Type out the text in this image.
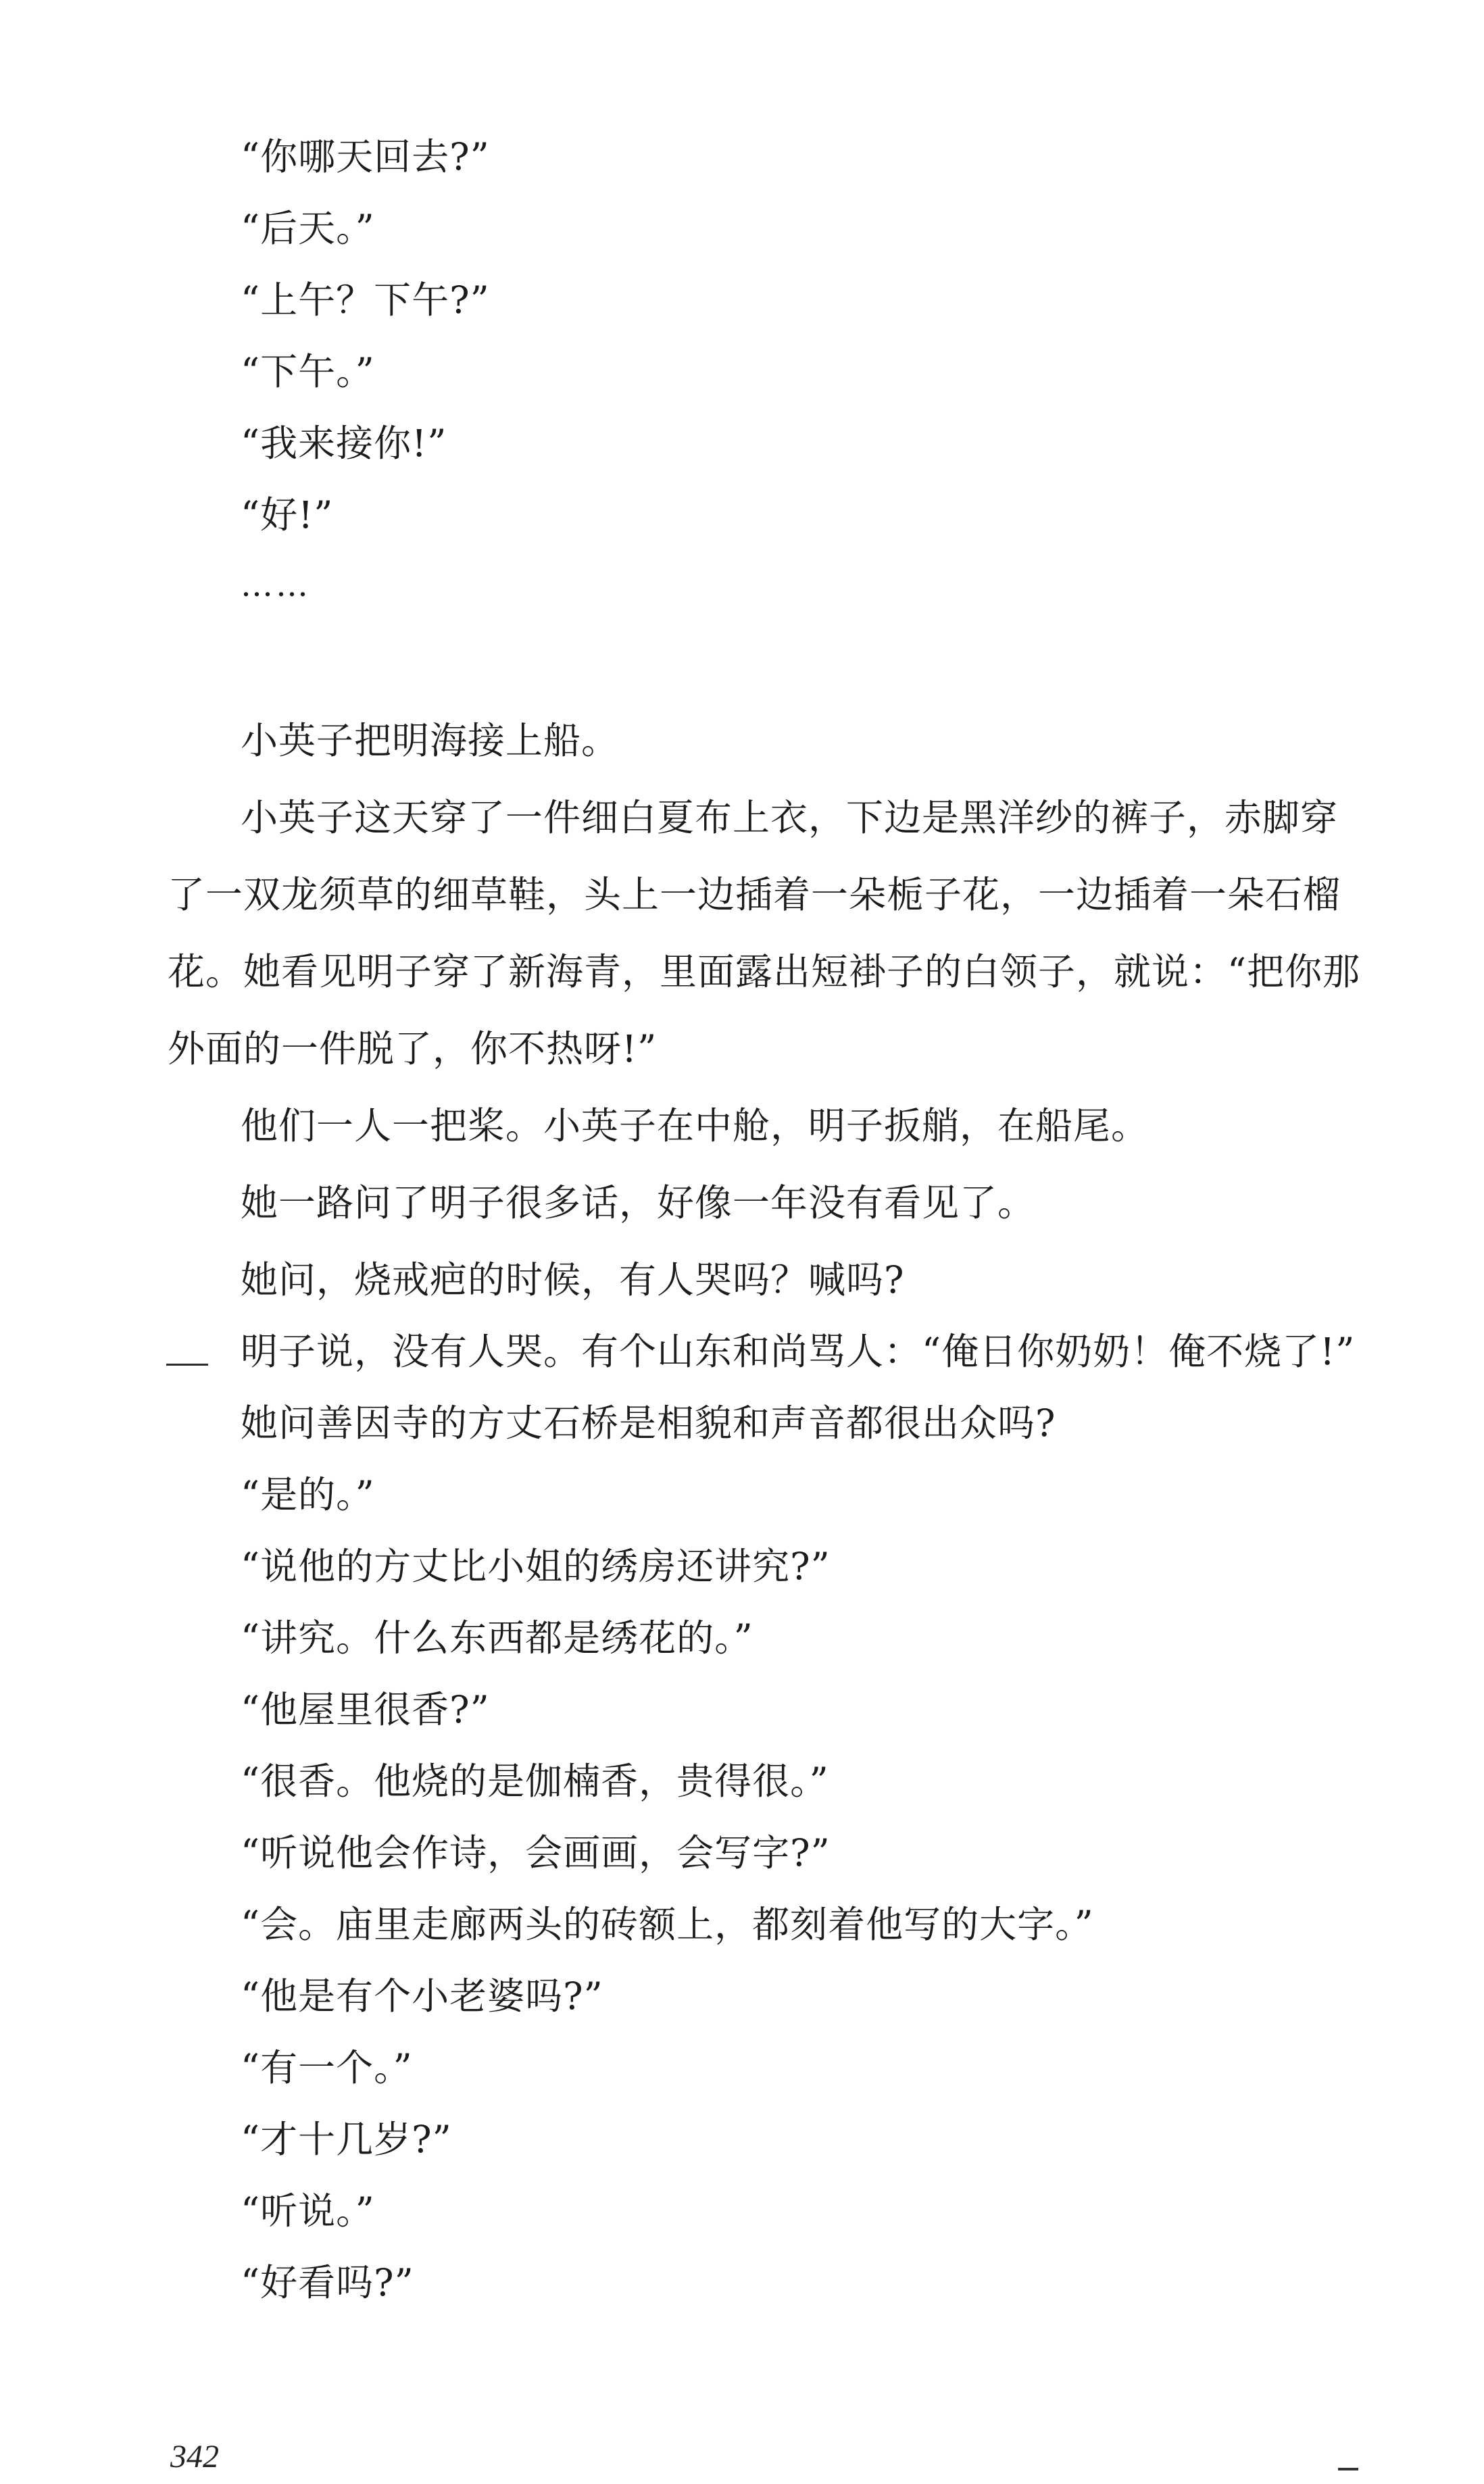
“你哪天回去?”
“后天。”
“上午？下午?”
“下午。”
“我来接你!”
“好!”
……
小英子把明海接上船。
小英子这天穿了一件细白夏布上衣，下边是黑洋纱的裤子，赤脚穿
了一双龙须草的细草鞋，头上一边插着一朵栀子花，一边插着一朵石榴
花。她看见明子穿了新海青，里面露出短褂子的白领子，就说：“把你那
外面的一件脱了，你不热呀!”
他们一人一把桨。小英子在中舱，明子扳艄，在船尾。
她一路问了明子很多话，好像一年没有看见了。
她问，烧戒疤的时候，有人哭吗？喊吗?
明子说，没有人哭。有个山东和尚骂人：“俺日你奶奶！俺不烧了!”
她问善因寺的方丈石桥是相貌和声音都很出众吗?
“是的。”
“说他的方丈比小姐的绣房还讲究?”
“讲究。什么东西都是绣花的。”
“他屋里很香?”
“很香。他烧的是伽楠香，贵得很。”
“听说他会作诗，会画画，会写字?”
“会。庙里走廊两头的砖额上，都刻着他写的大字。”
“他是有个小老婆吗?”
“有一个。”
“才十几岁?”
“听说。”
“好看吗?”
342
